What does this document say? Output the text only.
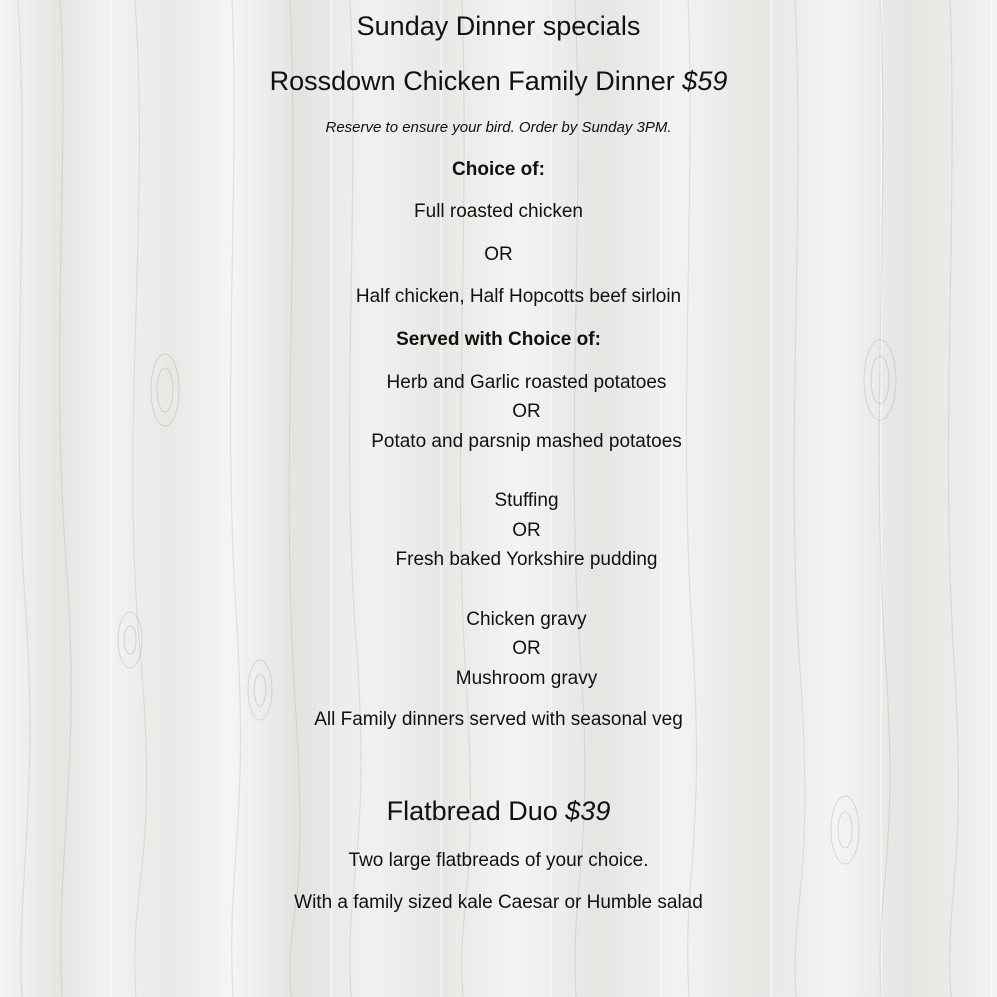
Sunday Dinner specials
Rossdown Chicken Family Dinner $59
Reserve to ensure your bird. Order by Sunday 3PM.
Choice of:
Full roasted chicken
OR
Half chicken, Half Hopcotts beef sirloin
Served with Choice of:
Herb and Garlic roasted potatoes
OR
Potato and parsnip mashed potatoes
Stuffing
OR
Fresh baked Yorkshire pudding
Chicken gravy
OR
Mushroom gravy
All Family dinners served with seasonal veg
Flatbread Duo $39
Two large flatbreads of your choice.
With a family sized kale Caesar or Humble salad
